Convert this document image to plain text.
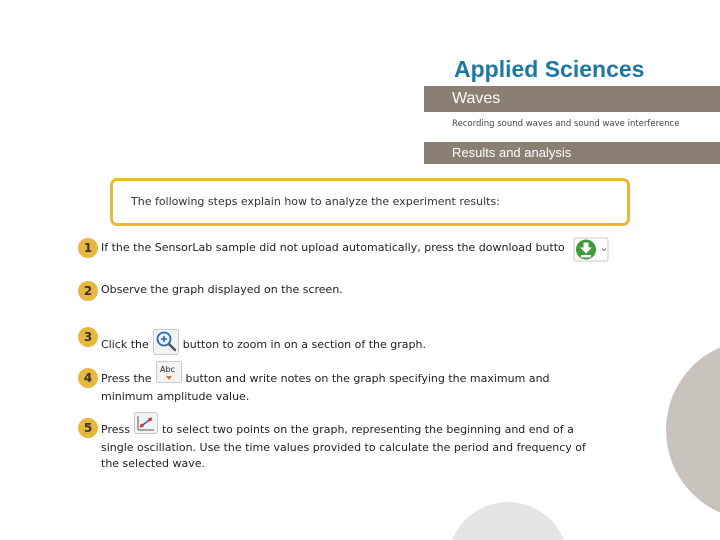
Applied Sciences
Waves
Recording sound waves and sound wave interference
Results and analysis
The following steps explain how to analyze the experiment results:
1 If the the SensorLab sample did not upload automatically, press the download butto
2 Observe the graph displayed on the screen.
3
Click the	button to zoom in on a section of the graph.
4 Press the
Abc
button and write notes on the graph specifying the maximum and
minimum amplitude value.
5 Press	to select two points on the graph, representing the beginning and end of a
single oscillation. Use the time values provided to calculate the period and frequency of
the selected wave.
